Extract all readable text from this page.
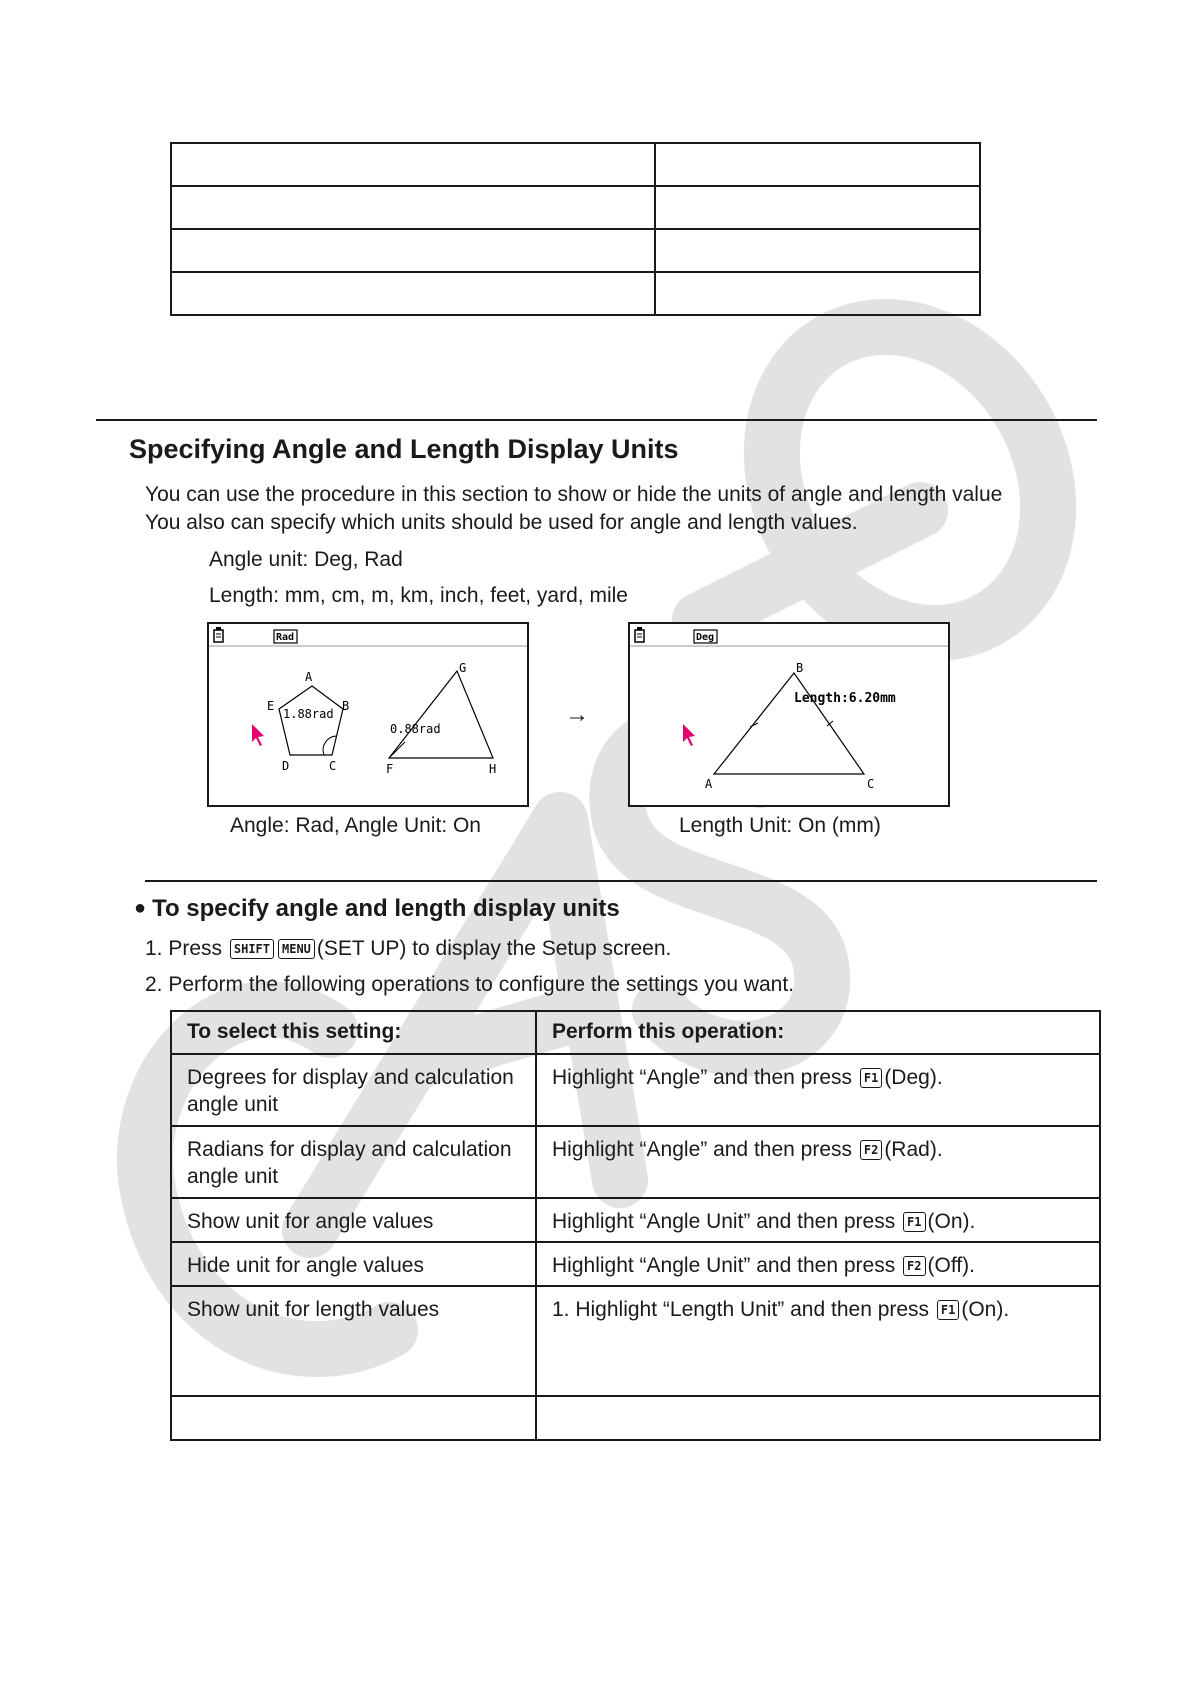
Specifying Angle and Length Display Units

You can use the procedure in this section to show or hide the units of angle and length value

You also can specify which units should be used for angle and length values.

Angle unit: Deg, Rad

Length: mm, cm, m, km, inch, feet, yard, mile

Rad
A
B
C
D
E
1.88rad
G
F	H
0.88rad
Angle: Rad, Angle Unit: On
→
Deg
B
A	C
Length:6.20mm
Length Unit: On (mm)
● To specify angle and length display units

1. Press SHIFT MENU (SET UP) to display the Setup screen.

2. Perform the following operations to configure the settings you want.

To select this setting:	Perform this operation:
Degrees for display and calculation angle unit	Highlight “Angle” and then press F1 (Deg).
Radians for display and calculation angle unit	Highlight “Angle” and then press F2 (Rad).
Show unit for angle values	Highlight “Angle Unit” and then press F1 (On).
Hide unit for angle values	Highlight “Angle Unit” and then press F2 (Off).
Show unit for length values	1. Highlight “Length Unit” and then press F1 (On).
